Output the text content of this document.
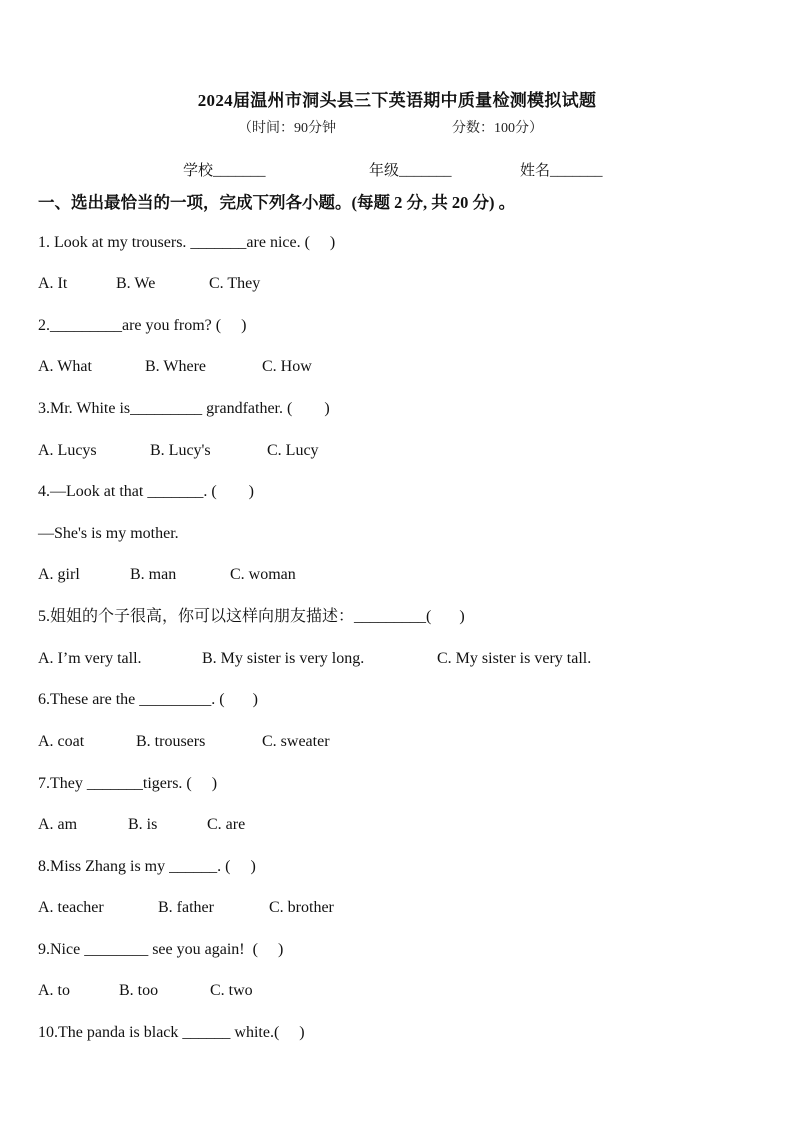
2024届温州市洞头县三下英语期中质量检测模拟试题
（时间：90分钟	分数：100分）
学校_______	年级_______	姓名_______
一、选出最恰当的一项，完成下列各小题。(每题 2 分, 共 20 分) 。
1. Look at my trousers. _______are nice. (     )
A. It	B. We	C. They
2._________are you from? (     )
A. What	B. Where	C. How
3.Mr. White is_________ grandfather. (        )
A. Lucys	B. Lucy's	C. Lucy
4.—Look at that _______. (        )
—She's is my mother.
A. girl	B. man	C. woman
5.姐姐的个子很高，你可以这样向朋友描述：_________(       )
A. I’m very tall.	B. My sister is very long.	C. My sister is very tall.
6.These are the _________. (       )
A. coat	B. trousers	C. sweater
7.They _______tigers. (     )
A. am	B. is	C. are
8.Miss Zhang is my ______. (     )
A. teacher	B. father	C. brother
9.Nice ________ see you again!  (     )
A. to	B. too	C. two
10.The panda is black ______ white.(     )
